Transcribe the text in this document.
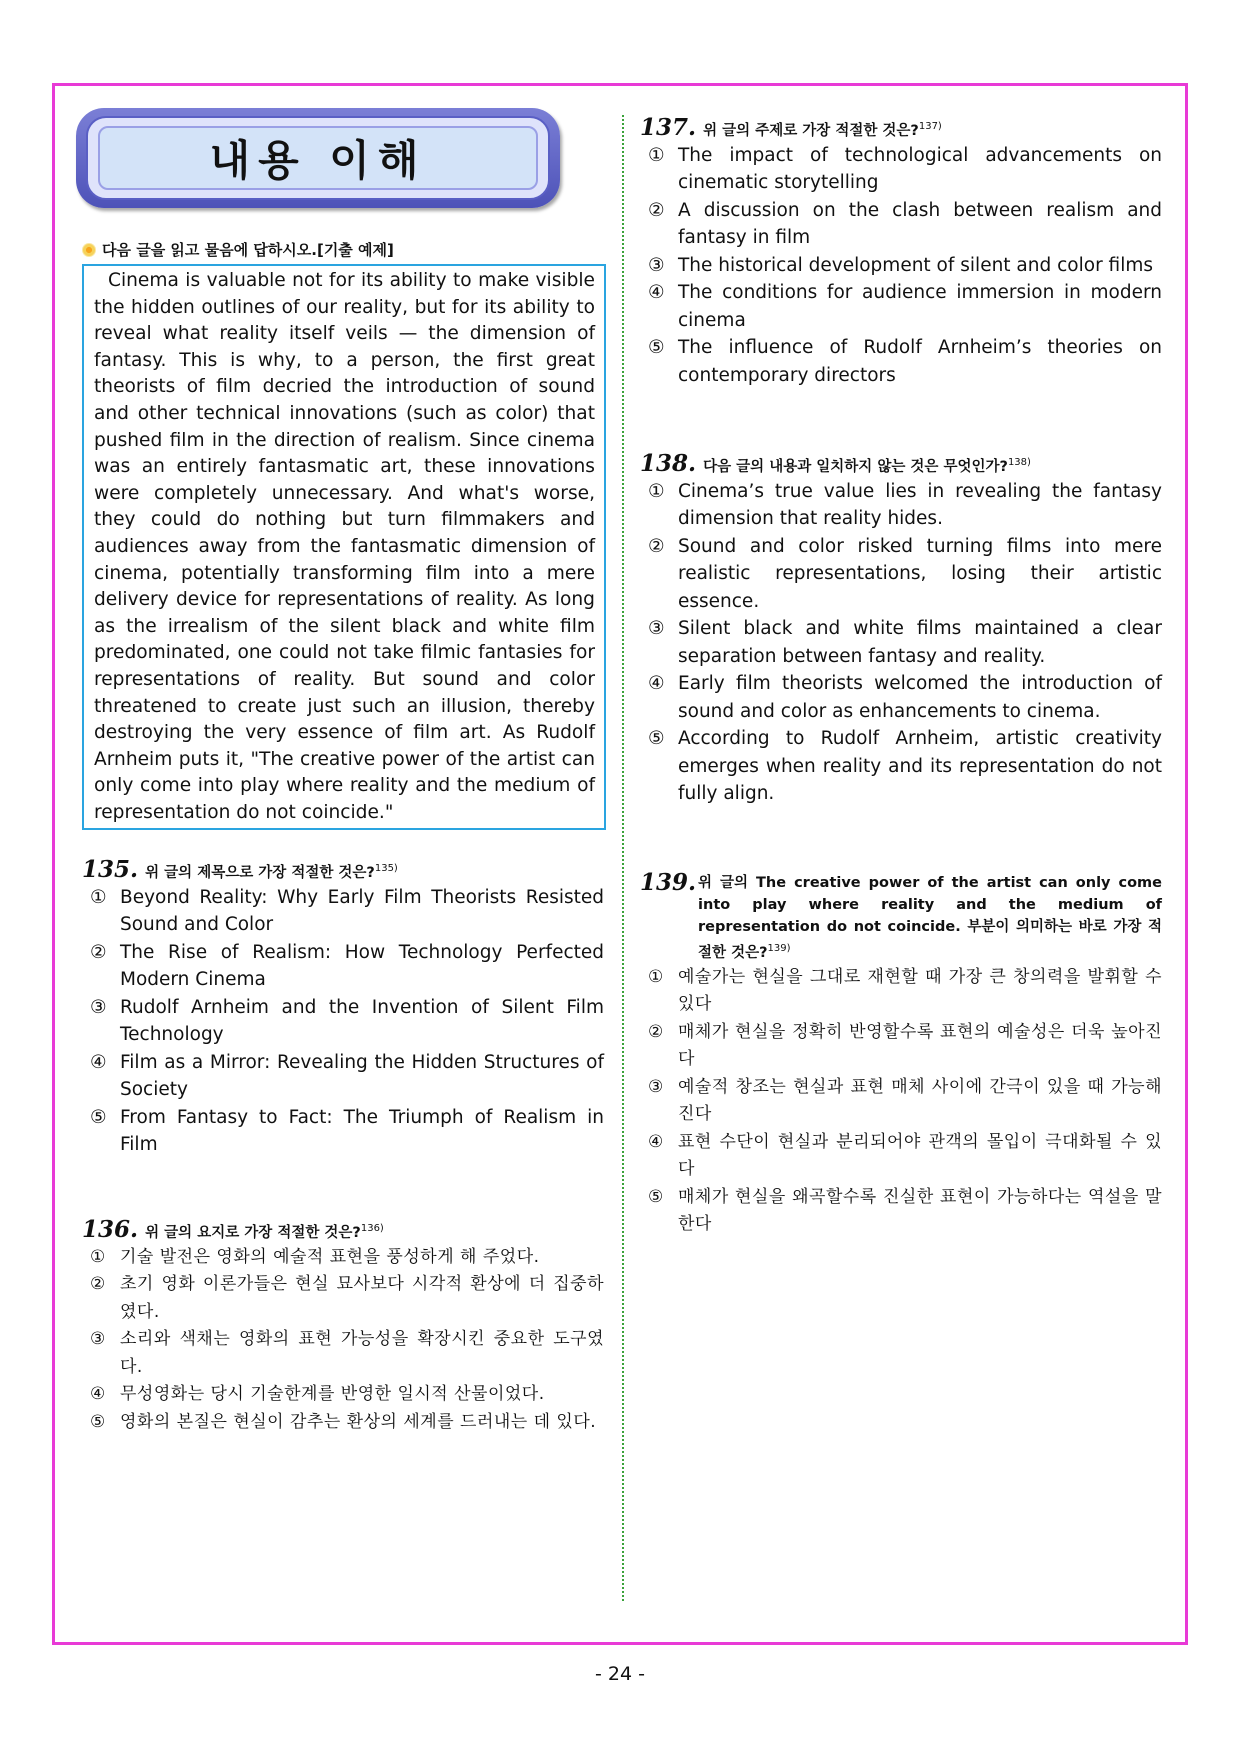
내용 이해
다음 글을 읽고 물음에 답하시오.[기출 예제]
Cinema is valuable not for its ability to make visible the hidden outlines of our reality, but for its ability to reveal what reality itself veils — the dimension of fantasy. This is why, to a person, the first great theorists of film decried the introduction of sound and other technical innovations (such as color) that pushed film in the direction of realism. Since cinema was an entirely fantasmatic art, these innovations were completely unnecessary. And what's worse, they could do nothing but turn filmmakers and audiences away from the fantasmatic dimension of cinema, potentially transforming film into a mere delivery device for representations of reality. As long as the irrealism of the silent black and white film predominated, one could not take filmic fantasies for representations of reality. But sound and color threatened to create just such an illusion, thereby destroying the very essence of film art. As Rudolf Arnheim puts it, "The creative power of the artist can only come into play where reality and the medium of representation do not coincide."
135. 위 글의 제목으로 가장 적절한 것은?$^{135)}$
① Beyond Reality: Why Early Film Theorists Resisted Sound and Color
② The Rise of Realism: How Technology Perfected Modern Cinema
③ Rudolf Arnheim and the Invention of Silent Film Technology
④ Film as a Mirror: Revealing the Hidden Structures of Society
⑤ From Fantasy to Fact: The Triumph of Realism in Film
136. 위 글의 요지로 가장 적절한 것은?$^{136)}$
① 기술 발전은 영화의 예술적 표현을 풍성하게 해 주었다.
② 초기 영화 이론가들은 현실 묘사보다 시각적 환상에 더 집중하였다.
③ 소리와 색채는 영화의 표현 가능성을 확장시킨 중요한 도구였다.
④ 무성영화는 당시 기술한계를 반영한 일시적 산물이었다.
⑤ 영화의 본질은 현실이 감추는 환상의 세계를 드러내는 데 있다.
137. 위 글의 주제로 가장 적절한 것은?$^{137)}$
① The impact of technological advancements on cinematic storytelling
② A discussion on the clash between realism and fantasy in film
③ The historical development of silent and color films
④ The conditions for audience immersion in modern cinema
⑤ The influence of Rudolf Arnheim’s theories on contemporary directors
138. 다음 글의 내용과 일치하지 않는 것은 무엇인가?$^{138)}$
① Cinema’s true value lies in revealing the fantasy dimension that reality hides.
② Sound and color risked turning films into mere realistic representations, losing their artistic essence.
③ Silent black and white films maintained a clear separation between fantasy and reality.
④ Early film theorists welcomed the introduction of sound and color as enhancements to cinema.
⑤ According to Rudolf Arnheim, artistic creativity emerges when reality and its representation do not fully align.
139. 위 글의 The creative power of the artist can only come into play where reality and the medium of representation do not coincide. 부분이 의미하는 바로 가장 적절한 것은?$^{139)}$
① 예술가는 현실을 그대로 재현할 때 가장 큰 창의력을 발휘할 수 있다
② 매체가 현실을 정확히 반영할수록 표현의 예술성은 더욱 높아진다
③ 예술적 창조는 현실과 표현 매체 사이에 간극이 있을 때 가능해진다
④ 표현 수단이 현실과 분리되어야 관객의 몰입이 극대화될 수 있다
⑤ 매체가 현실을 왜곡할수록 진실한 표현이 가능하다는 역설을 말한다
- 24 -
